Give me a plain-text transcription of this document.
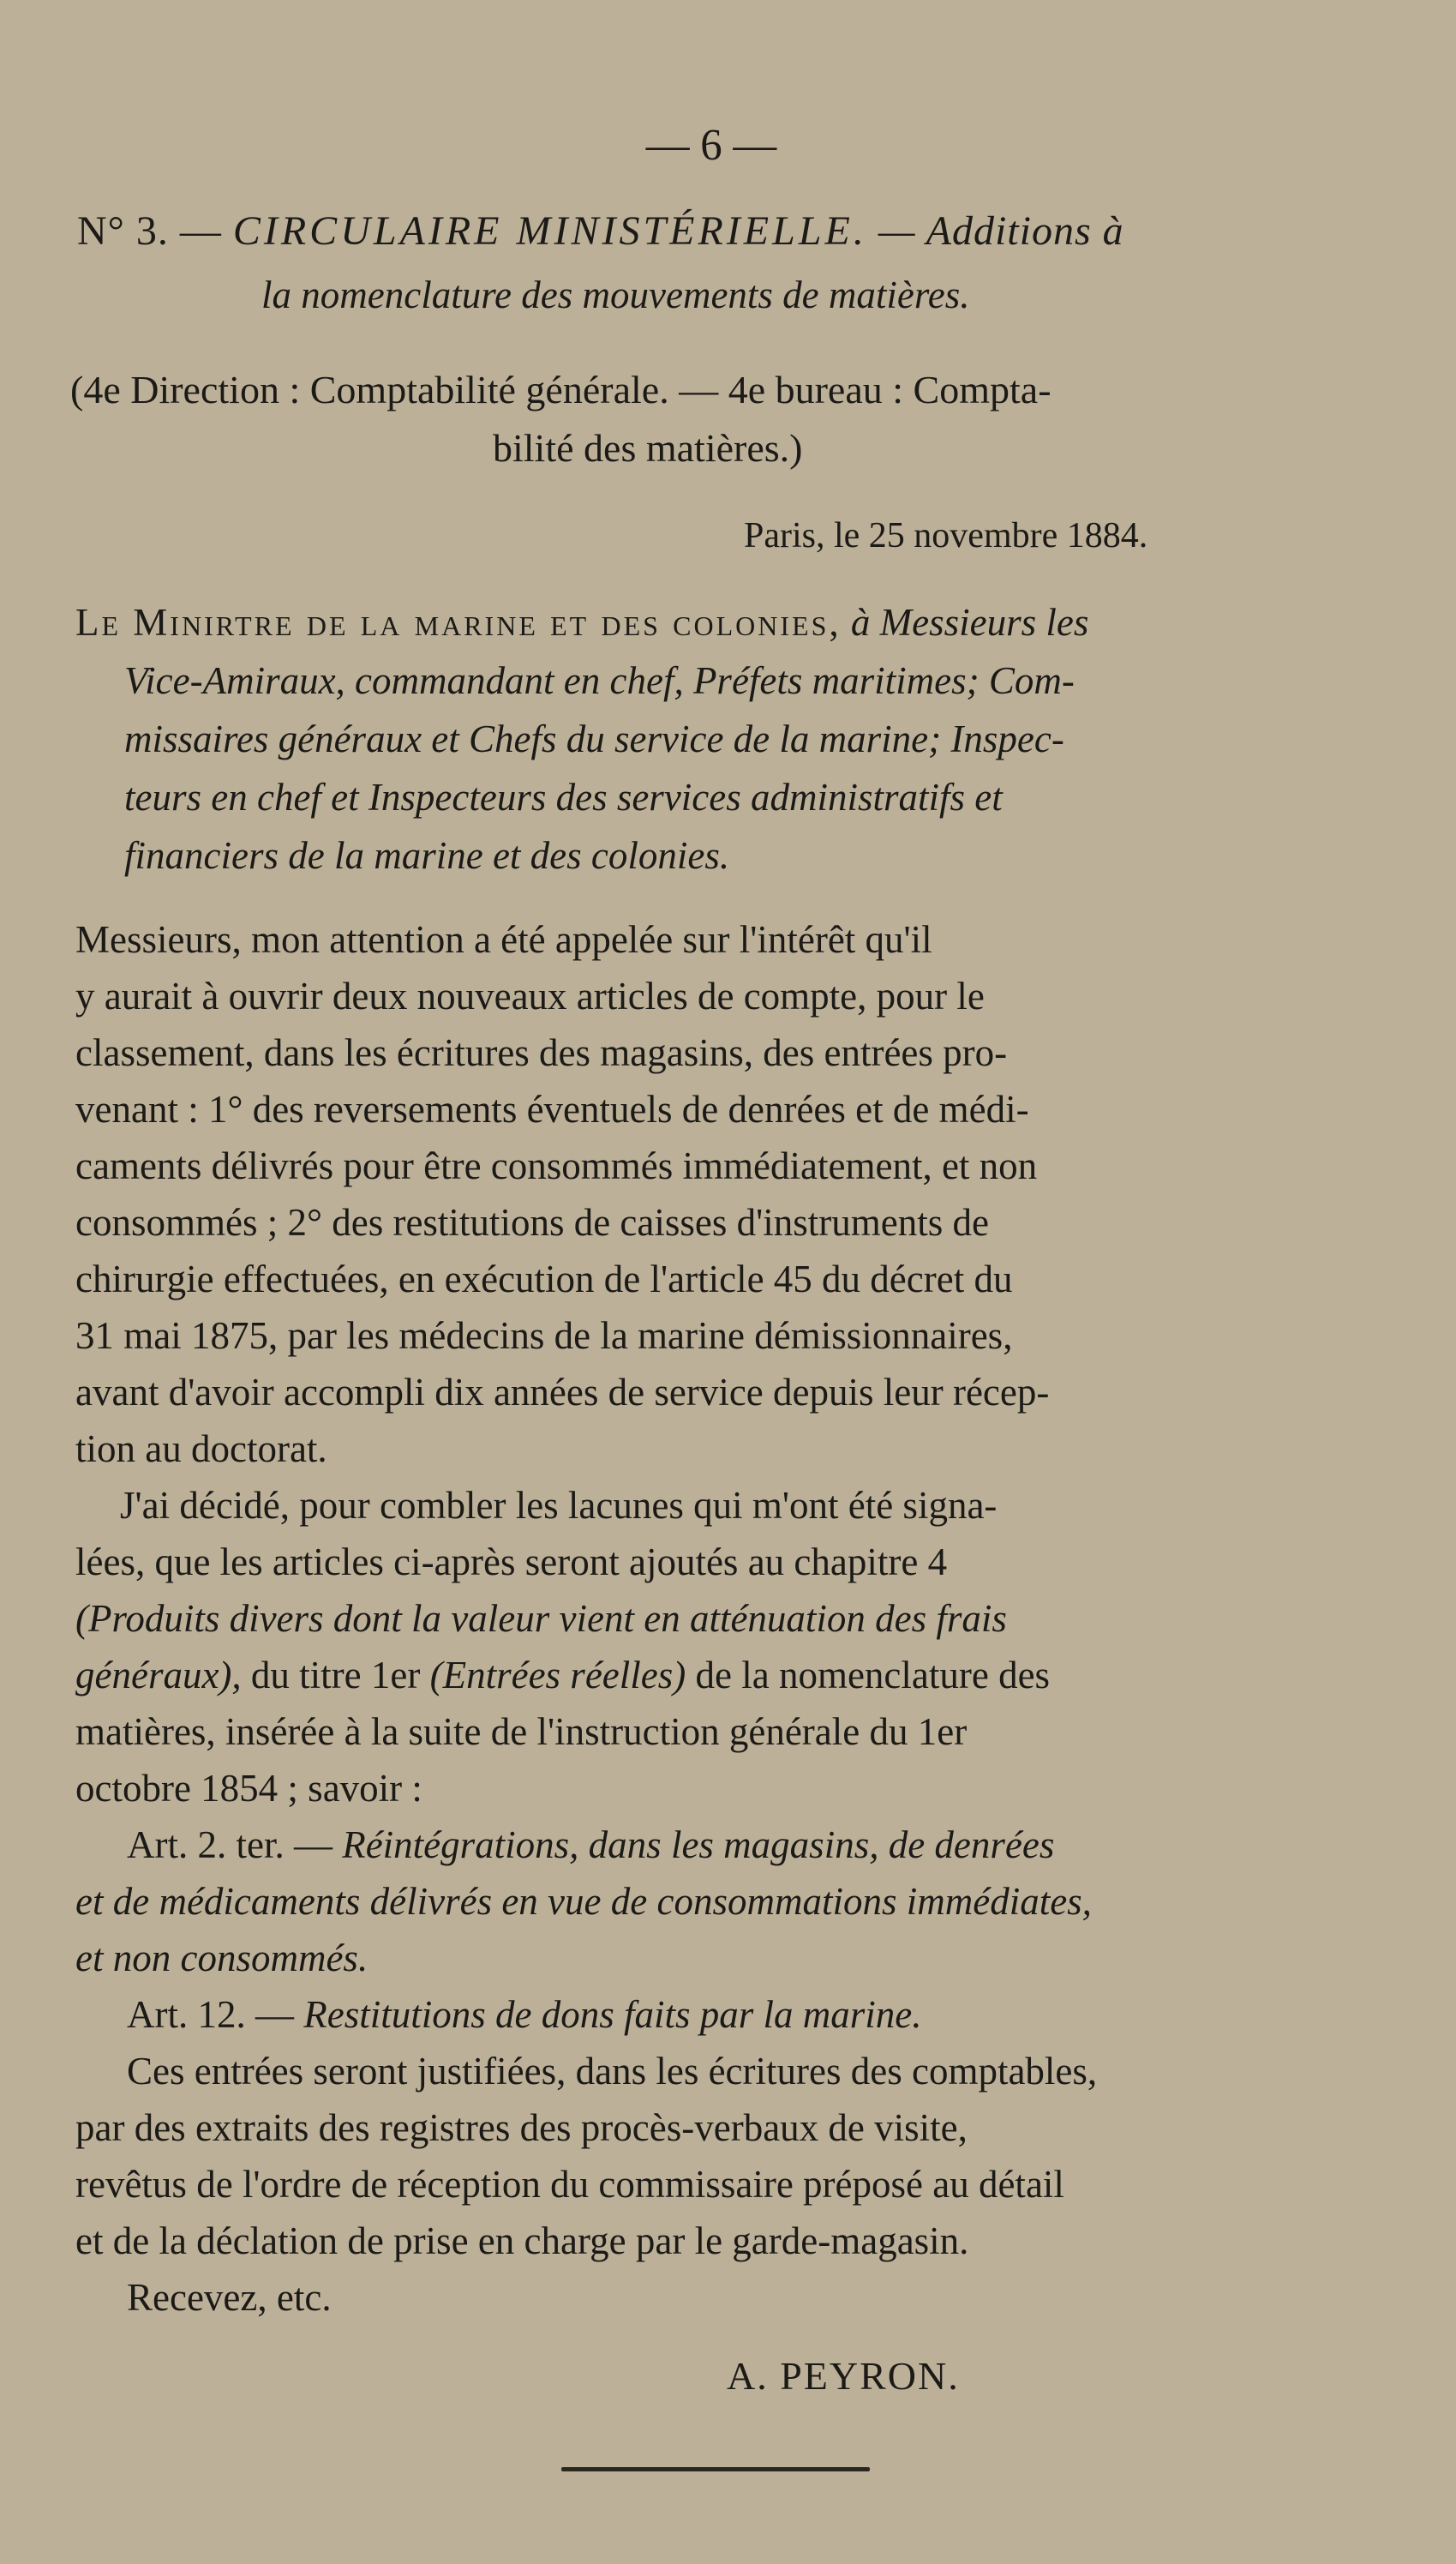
— 6 —
N° 3. — CIRCULAIRE MINISTÉRIELLE. — Additions à
la nomenclature des mouvements de matières.
(4e Direction : Comptabilité générale. — 4e bureau : Compta-
bilité des matières.)
Paris, le 25 novembre 1884.
Le Minirtre de la marine et des colonies, à Messieurs les
Vice-Amiraux, commandant en chef, Préfets maritimes; Com-
missaires généraux et Chefs du service de la marine; Inspec-
teurs en chef et Inspecteurs des services administratifs et
financiers de la marine et des colonies.
Messieurs, mon attention a été appelée sur l'intérêt qu'il
y aurait à ouvrir deux nouveaux articles de compte, pour le
classement, dans les écritures des magasins, des entrées pro-
venant : 1° des reversements éventuels de denrées et de médi-
caments délivrés pour être consommés immédiatement, et non
consommés ; 2° des restitutions de caisses d'instruments de
chirurgie effectuées, en exécution de l'article 45 du décret du
31 mai 1875, par les médecins de la marine démissionnaires,
avant d'avoir accompli dix années de service depuis leur récep-
tion au doctorat.
J'ai décidé, pour combler les lacunes qui m'ont été signa-
lées, que les articles ci-après seront ajoutés au chapitre 4
(Produits divers dont la valeur vient en atténuation des frais
généraux), du titre 1er (Entrées réelles) de la nomenclature des
matières, insérée à la suite de l'instruction générale du 1er
octobre 1854 ; savoir :
Art. 2. ter. — Réintégrations, dans les magasins, de denrées
et de médicaments délivrés en vue de consommations immédiates,
et non consommés.
Art. 12. — Restitutions de dons faits par la marine.
Ces entrées seront justifiées, dans les écritures des comptables,
par des extraits des registres des procès-verbaux de visite,
revêtus de l'ordre de réception du commissaire préposé au détail
et de la déclation de prise en charge par le garde-magasin.
Recevez, etc.
A. PEYRON.
